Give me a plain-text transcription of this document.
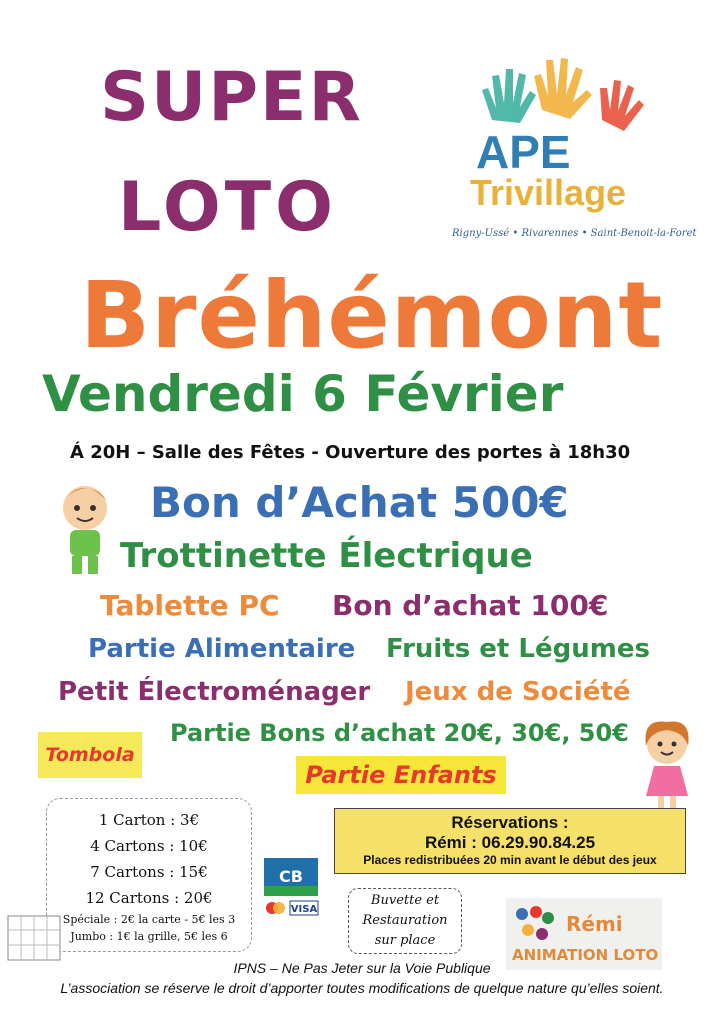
SUPER
LOTO
APE
Trivillage
Rigny-Ussé • Rivarennes • Saint-Benoit-la-Foret
Bréhémont
Vendredi 6 Février
Á 20H – Salle des Fêtes - Ouverture des portes à 18h30
Bon d’Achat 500€
Trottinette Électrique
Tablette PC Bon d’achat 100€
Partie Alimentaire Fruits et Légumes
Petit Électroménager Jeux de Société
Partie Bons d’achat 20€, 30€, 50€
Tombola
Partie Enfants
1 Carton : 3€
4 Cartons : 10€
7 Cartons : 15€
12 Cartons : 20€
Spéciale : 2€ la carte - 5€ les 3
Jumbo : 1€ la grille, 5€ les 6
Réservations :
Rémi : 06.29.90.84.25
Places redistribuées 20 min avant le début des jeux
CB
VISA
Buvette et
Restauration
sur place
Rémi
ANIMATION LOTO
IPNS – Ne Pas Jeter sur la Voie Publique
L’association se réserve le droit d’apporter toutes modifications de quelque nature qu’elles soient.
